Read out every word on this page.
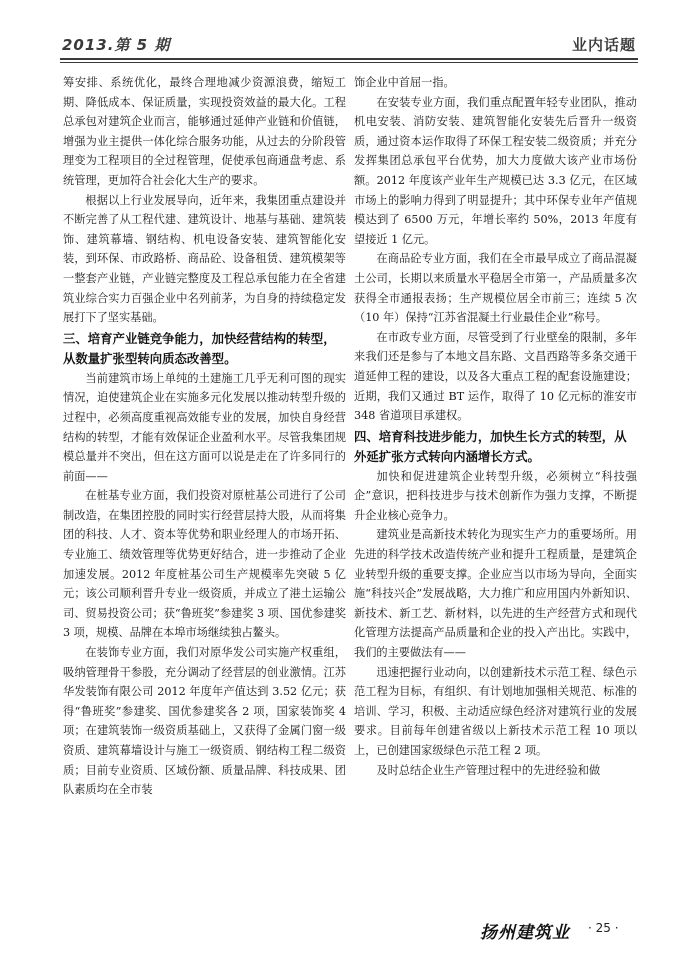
2013.第 5 期	业内话题

筹安排、系统优化，最终合理地减少资源浪费，缩短工期、降低成本、保证质量，实现投资效益的最大化。工程总承包对建筑企业而言，能够通过延伸产业链和价值链，增强为业主提供一体化综合服务功能，从过去的分阶段管理变为工程项目的全过程管理，促使承包商通盘考虑、系统管理，更加符合社会化大生产的要求。

根据以上行业发展导向，近年来，我集团重点建设并不断完善了从工程代建、建筑设计、地基与基础、建筑装饰、建筑幕墙、钢结构、机电设备安装、建筑智能化安装，到环保、市政路桥、商品砼、设备租赁、建筑模架等一整套产业链，产业链完整度及工程总承包能力在全省建筑业综合实力百强企业中名列前茅，为自身的持续稳定发展打下了坚实基础。

三、培育产业链竞争能力，加快经营结构的转型，从数量扩张型转向质态改善型。

当前建筑市场上单纯的土建施工几乎无利可图的现实情况，迫使建筑企业在实施多元化发展以推动转型升级的过程中，必须高度重视高效能专业的发展，加快自身经营结构的转型，才能有效保证企业盈利水平。尽管我集团规模总量并不突出，但在这方面可以说是走在了许多同行的前面——

在桩基专业方面，我们投资对原桩基公司进行了公司制改造，在集团控股的同时实行经营层持大股，从而将集团的科技、人才、资本等优势和职业经理人的市场开拓、专业施工、绩效管理等优势更好结合，进一步推动了企业加速发展。2012 年度桩基公司生产规模率先突破 5 亿元；该公司顺利晋升专业一级资质，并成立了港土运输公司、贸易投资公司；获“鲁班奖”参建奖 3 项、国优参建奖 3 项，规模、品牌在本埠市场继续独占鳌头。

在装饰专业方面，我们对原华发公司实施产权重组，吸纳管理骨干参股，充分调动了经营层的创业激情。江苏华发装饰有限公司 2012 年度年产值达到 3.52 亿元；获得“鲁班奖”参建奖、国优参建奖各 2 项，国家装饰奖 4 项；在建筑装饰一级资质基础上，又获得了金属门窗一级资质、建筑幕墙设计与施工一级资质、钢结构工程二级资质；目前专业资质、区域份额、质量品牌、科技成果、团队素质均在全市装

饰企业中首屈一指。

在安装专业方面，我们重点配置年轻专业团队，推动机电安装、消防安装、建筑智能化安装先后晋升一级资质，通过资本运作取得了环保工程安装二级资质；并充分发挥集团总承包平台优势，加大力度做大该产业市场份额。2012 年度该产业年生产规模已达 3.3 亿元，在区域市场上的影响力得到了明显提升；其中环保专业年产值规模达到了 6500 万元，年增长率约 50%，2013 年度有望接近 1 亿元。

在商品砼专业方面，我们在全市最早成立了商品混凝土公司，长期以来质量水平稳居全市第一，产品质量多次获得全市通报表扬；生产规模位居全市前三；连续 5 次（10 年）保持“江苏省混凝土行业最佳企业”称号。

在市政专业方面，尽管受到了行业壁垒的限制，多年来我们还是参与了本地文昌东路、文昌西路等多条交通干道延伸工程的建设，以及各大重点工程的配套设施建设；近期，我们又通过 BT 运作，取得了 10 亿元标的淮安市 348 省道项目承建权。

四、培育科技进步能力，加快生长方式的转型，从外延扩张方式转向内涵增长方式。

加快和促进建筑企业转型升级，必须树立“科技强企”意识，把科技进步与技术创新作为强力支撑，不断提升企业核心竞争力。

建筑业是高新技术转化为现实生产力的重要场所。用先进的科学技术改造传统产业和提升工程质量，是建筑企业转型升级的重要支撑。企业应当以市场为导向，全面实施“科技兴企”发展战略，大力推广和应用国内外新知识、新技术、新工艺、新材料，以先进的生产经营方式和现代化管理方法提高产品质量和企业的投入产出比。实践中，我们的主要做法有——

迅速把握行业动向，以创建新技术示范工程、绿色示范工程为目标，有组织、有计划地加强相关规范、标准的培训、学习，积极、主动适应绿色经济对建筑行业的发展要求。目前每年创建省级以上新技术示范工程 10 项以上，已创建国家级绿色示范工程 2 项。

及时总结企业生产管理过程中的先进经验和做

扬州建筑业 · 25 ·
